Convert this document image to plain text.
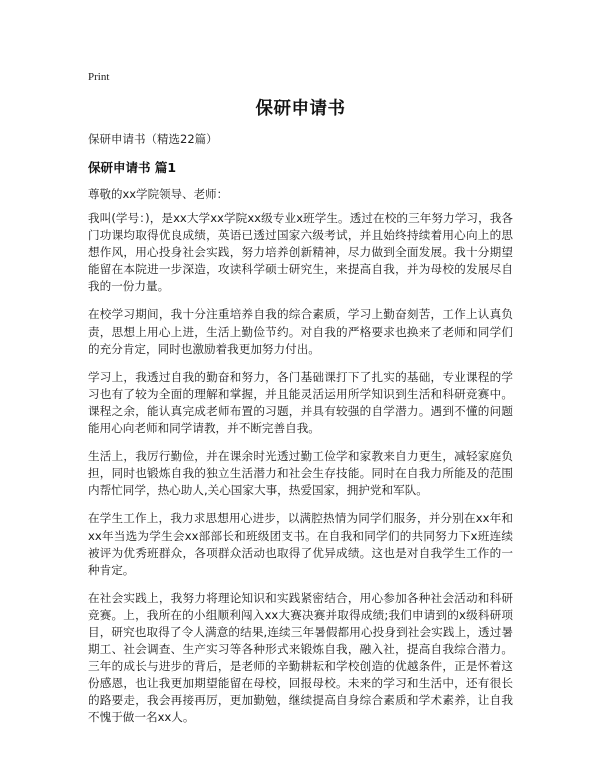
Print
保研申请书
保研申请书（精选22篇）
保研申请书 篇1
尊敬的xx学院领导、老师：

我叫(学号：)，是xx大学xx学院xx级专业x班学生。透过在校的三年努力学习，我各门功课均取得优良成绩，英语已透过国家六级考试，并且始终持续着用心向上的思想作风，用心投身社会实践，努力培养创新精神，尽力做到全面发展。我十分期望能留在本院进一步深造，攻读科学硕士研究生，来提高自我，并为母校的发展尽自我的一份力量。

在校学习期间，我十分注重培养自我的综合素质，学习上勤奋刻苦，工作上认真负责，思想上用心上进，生活上勤俭节约。对自我的严格要求也换来了老师和同学们的充分肯定，同时也激励着我更加努力付出。

学习上，我透过自我的勤奋和努力，各门基础课打下了扎实的基础，专业课程的学习也有了较为全面的理解和掌握，并且能灵活运用所学知识到生活和科研竞赛中。课程之余，能认真完成老师布置的习题，并具有较强的自学潜力。遇到不懂的问题能用心向老师和同学请教，并不断完善自我。

生活上，我厉行勤俭，并在课余时光透过勤工俭学和家教来自力更生，减轻家庭负担，同时也锻炼自我的独立生活潜力和社会生存技能。同时在自我力所能及的范围内帮忙同学，热心助人,关心国家大事，热爱国家，拥护党和军队。

在学生工作上，我力求思想用心进步，以满腔热情为同学们服务，并分别在xx年和xx年当选为学生会xx部部长和班级团支书。在自我和同学们的共同努力下x班连续被评为优秀班群众，各项群众活动也取得了优异成绩。这也是对自我学生工作的一种肯定。

在社会实践上，我努力将理论知识和实践紧密结合，用心参加各种社会活动和科研竞赛。上，我所在的小组顺利闯入xx大赛决赛并取得成绩;我们申请到的x级科研项目，研究也取得了令人满意的结果,连续三年暑假都用心投身到社会实践上，透过暑期工、社会调查、生产实习等各种形式来锻炼自我，融入社，提高自我综合潜力。三年的成长与进步的背后，是老师的辛勤耕耘和学校创造的优越条件，正是怀着这份感恩，也让我更加期望能留在母校，回报母校。未来的学习和生活中，还有很长的路要走，我会再接再厉，更加勤勉，继续提高自身综合素质和学术素养，让自我不愧于做一名xx人。
